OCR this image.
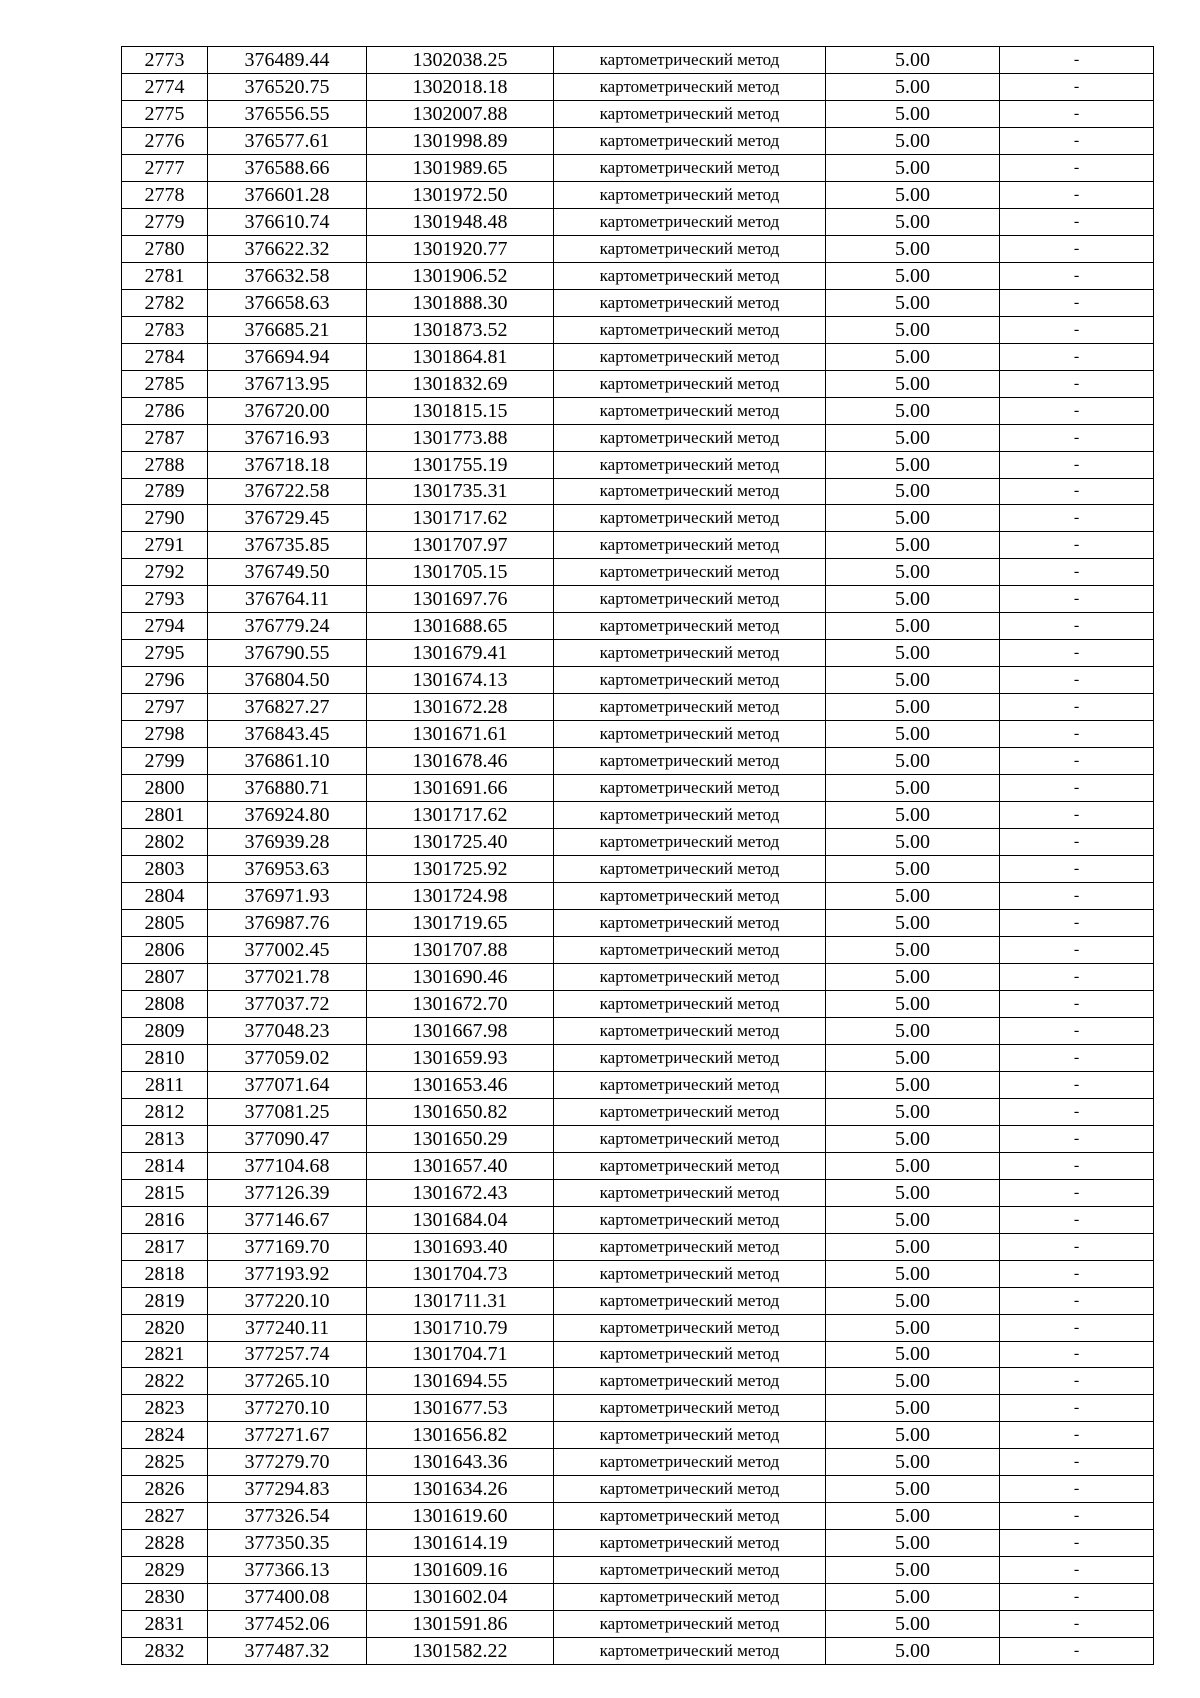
2773	376489.44	1302038.25	картометрический метод	5.00	-
2774	376520.75	1302018.18	картометрический метод	5.00	-
2775	376556.55	1302007.88	картометрический метод	5.00	-
2776	376577.61	1301998.89	картометрический метод	5.00	-
2777	376588.66	1301989.65	картометрический метод	5.00	-
2778	376601.28	1301972.50	картометрический метод	5.00	-
2779	376610.74	1301948.48	картометрический метод	5.00	-
2780	376622.32	1301920.77	картометрический метод	5.00	-
2781	376632.58	1301906.52	картометрический метод	5.00	-
2782	376658.63	1301888.30	картометрический метод	5.00	-
2783	376685.21	1301873.52	картометрический метод	5.00	-
2784	376694.94	1301864.81	картометрический метод	5.00	-
2785	376713.95	1301832.69	картометрический метод	5.00	-
2786	376720.00	1301815.15	картометрический метод	5.00	-
2787	376716.93	1301773.88	картометрический метод	5.00	-
2788	376718.18	1301755.19	картометрический метод	5.00	-
2789	376722.58	1301735.31	картометрический метод	5.00	-
2790	376729.45	1301717.62	картометрический метод	5.00	-
2791	376735.85	1301707.97	картометрический метод	5.00	-
2792	376749.50	1301705.15	картометрический метод	5.00	-
2793	376764.11	1301697.76	картометрический метод	5.00	-
2794	376779.24	1301688.65	картометрический метод	5.00	-
2795	376790.55	1301679.41	картометрический метод	5.00	-
2796	376804.50	1301674.13	картометрический метод	5.00	-
2797	376827.27	1301672.28	картометрический метод	5.00	-
2798	376843.45	1301671.61	картометрический метод	5.00	-
2799	376861.10	1301678.46	картометрический метод	5.00	-
2800	376880.71	1301691.66	картометрический метод	5.00	-
2801	376924.80	1301717.62	картометрический метод	5.00	-
2802	376939.28	1301725.40	картометрический метод	5.00	-
2803	376953.63	1301725.92	картометрический метод	5.00	-
2804	376971.93	1301724.98	картометрический метод	5.00	-
2805	376987.76	1301719.65	картометрический метод	5.00	-
2806	377002.45	1301707.88	картометрический метод	5.00	-
2807	377021.78	1301690.46	картометрический метод	5.00	-
2808	377037.72	1301672.70	картометрический метод	5.00	-
2809	377048.23	1301667.98	картометрический метод	5.00	-
2810	377059.02	1301659.93	картометрический метод	5.00	-
2811	377071.64	1301653.46	картометрический метод	5.00	-
2812	377081.25	1301650.82	картометрический метод	5.00	-
2813	377090.47	1301650.29	картометрический метод	5.00	-
2814	377104.68	1301657.40	картометрический метод	5.00	-
2815	377126.39	1301672.43	картометрический метод	5.00	-
2816	377146.67	1301684.04	картометрический метод	5.00	-
2817	377169.70	1301693.40	картометрический метод	5.00	-
2818	377193.92	1301704.73	картометрический метод	5.00	-
2819	377220.10	1301711.31	картометрический метод	5.00	-
2820	377240.11	1301710.79	картометрический метод	5.00	-
2821	377257.74	1301704.71	картометрический метод	5.00	-
2822	377265.10	1301694.55	картометрический метод	5.00	-
2823	377270.10	1301677.53	картометрический метод	5.00	-
2824	377271.67	1301656.82	картометрический метод	5.00	-
2825	377279.70	1301643.36	картометрический метод	5.00	-
2826	377294.83	1301634.26	картометрический метод	5.00	-
2827	377326.54	1301619.60	картометрический метод	5.00	-
2828	377350.35	1301614.19	картометрический метод	5.00	-
2829	377366.13	1301609.16	картометрический метод	5.00	-
2830	377400.08	1301602.04	картометрический метод	5.00	-
2831	377452.06	1301591.86	картометрический метод	5.00	-
2832	377487.32	1301582.22	картометрический метод	5.00	-
